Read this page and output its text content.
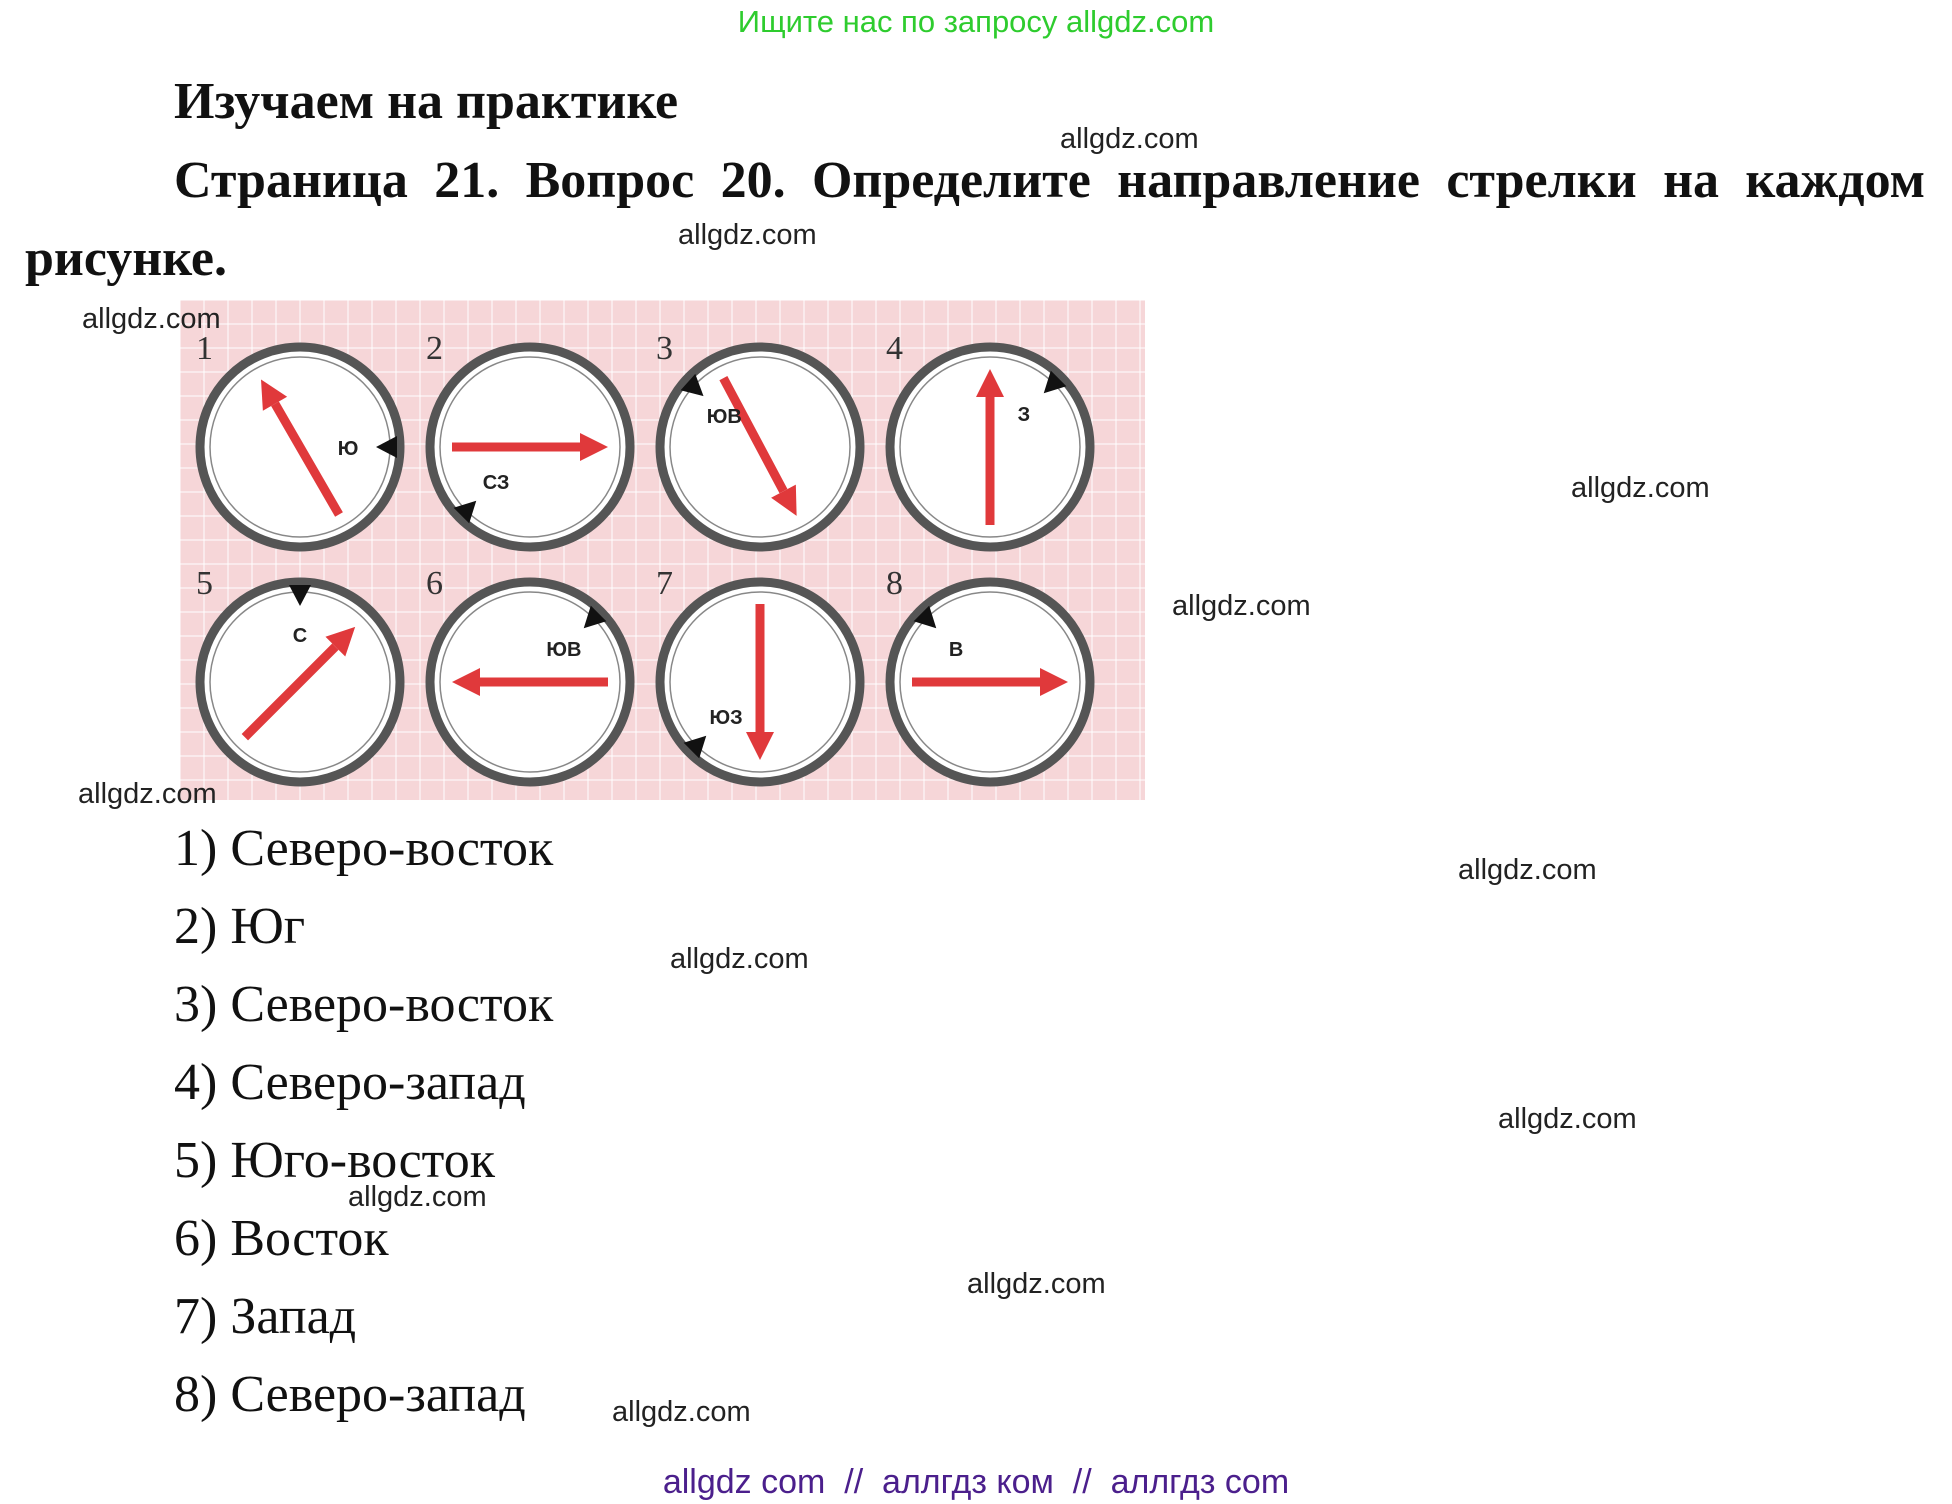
Ищите нас по запросу allgdz.com
Изучаем на практике
Страница 21. Вопрос 20. Определите направление стрелки на каждом рисунке.
1
Ю
2
СЗ
3
ЮВ
4
З
5
С
6
ЮВ
7
ЮЗ
8
В
1) Северо-восток
2) Юг
3) Северо-восток
4) Северо-запад
5) Юго-восток
6) Восток
7) Запад
8) Северо-запад
allgdz.com
allgdz.com
allgdz.com
allgdz.com
allgdz.com
allgdz.com
allgdz.com
allgdz.com
allgdz.com
allgdz.com
allgdz.com
allgdz.com
allgdz com  //  аллгдз ком  //  аллгдз com
